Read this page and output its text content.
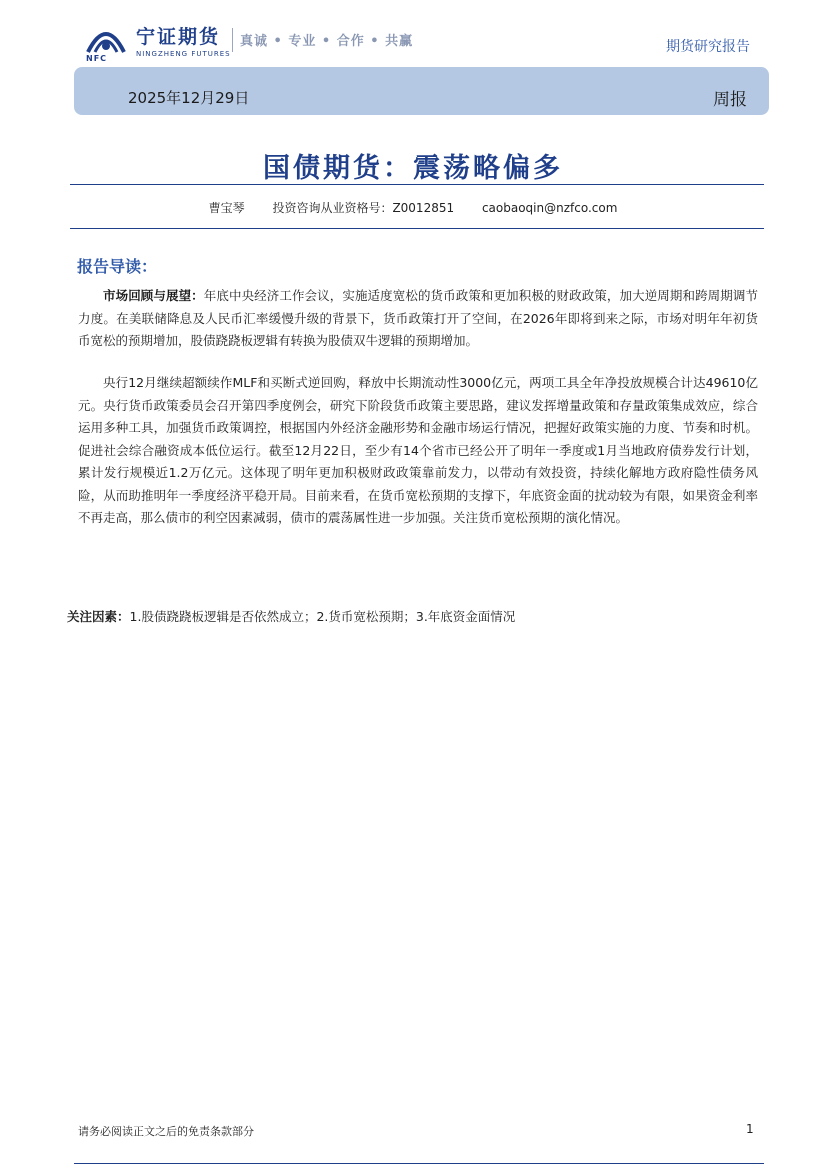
NFC
宁证期货
NINGZHENG FUTURES
真诚 • 专业 • 合作 • 共赢	期货研究报告
2025年12月29日	周报
国债期货：震荡略偏多
曹宝琴 投资咨询从业资格号：Z0012851 caobaoqin@nzfco.com
报告导读：
市场回顾与展望：年底中央经济工作会议，实施适度宽松的货币政策和更加积极的财政政策，加大逆周期和跨周期调节力度。在美联储降息及人民币汇率缓慢升级的背景下，货币政策打开了空间，在2026年即将到来之际，市场对明年年初货币宽松的预期增加，股债跷跷板逻辑有转换为股债双牛逻辑的预期增加。
央行12月继续超额续作MLF和买断式逆回购，释放中长期流动性3000亿元，两项工具全年净投放规模合计达49610亿元。央行货币政策委员会召开第四季度例会，研究下阶段货币政策主要思路，建议发挥增量政策和存量政策集成效应，综合运用多种工具，加强货币政策调控，根据国内外经济金融形势和金融市场运行情况，把握好政策实施的力度、节奏和时机。促进社会综合融资成本低位运行。截至12月22日，至少有14个省市已经公开了明年一季度或1月当地政府债券发行计划，累计发行规模近1.2万亿元。这体现了明年更加积极财政政策靠前发力，以带动有效投资，持续化解地方政府隐性债务风险，从而助推明年一季度经济平稳开局。目前来看，在货币宽松预期的支撑下，年底资金面的扰动较为有限，如果资金利率不再走高，那么债市的利空因素减弱，债市的震荡属性进一步加强。关注货币宽松预期的演化情况。
关注因素：1.股债跷跷板逻辑是否依然成立；2.货币宽松预期；3.年底资金面情况
请务必阅读正文之后的免责条款部分	1
